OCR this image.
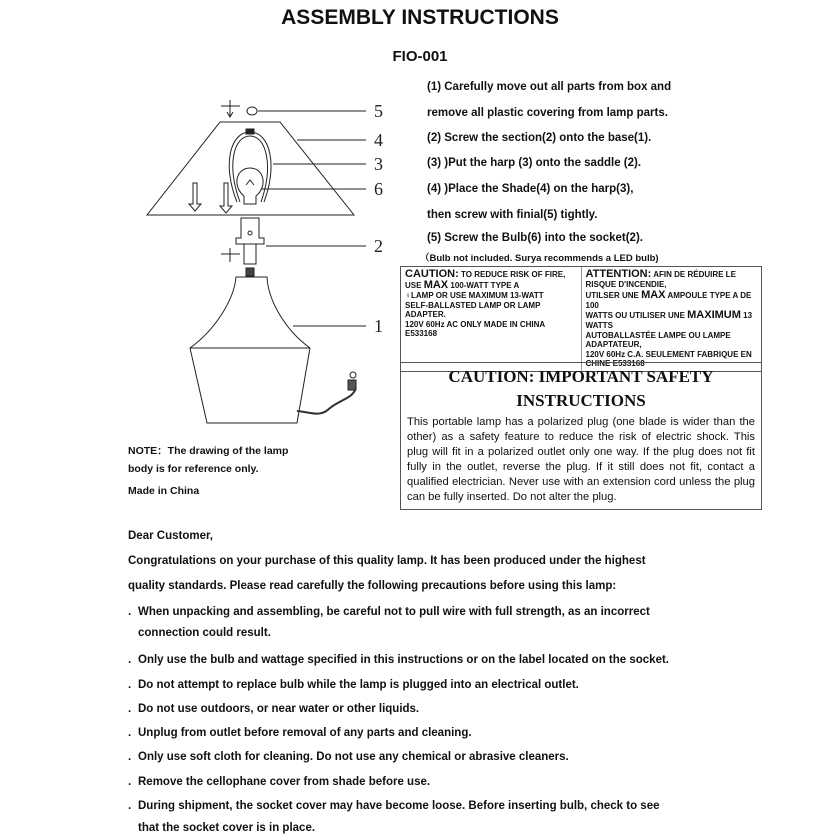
ASSEMBLY INSTRUCTIONS
FIO-001
5
4
3
6
2
1
(1) Carefully move out all parts from box and
remove all plastic covering from lamp parts.
(2) Screw the section(2) onto the base(1).
(3) )Put the harp (3) onto the saddle (2).
(4) )Place the Shade(4) on the harp(3),
then screw with finial(5) tightly.
(5) Screw the Bulb(6) into the socket(2).
（Bulb not included. Surya recommends a LED bulb)
CAUTION: TO REDUCE RISK OF FIRE,
USE MAX 100-WATT TYPE A
♀LAMP OR USE MAXIMUM 13-WATT
SELF-BALLASTED LAMP OR LAMP ADAPTER.
120V 60Hz AC ONLY MADE IN CHINA E533168
ATTENTION: AFIN DE RÉDUIRE LE RISQUE D'INCENDIE,
UTILSER UNE MAX AMPOULE TYPE A DE 100
WATTS OU UTILISER UNE MAXIMUM 13 WATTS
AUTOBALLASTÉE LAMPE OU LAMPE ADAPTATEUR,
120V 60Hz C.A. SEULEMENT FABRIQUE EN CHINE E533168
CAUTION: IMPORTANT SAFETY
INSTRUCTIONS
This portable lamp has a polarized plug (one blade is wider than the other) as a safety feature to reduce the risk of electric shock. This plug will fit in a polarized outlet only one way. If the plug does not fit fully in the outlet, reverse the plug. If it still does not fit, contact a qualified electrician. Never use with an extension cord unless the plug can be fully inserted. Do not alter the plug.
NOTE：The drawing of the lamp
body is for reference only.
Made in China
Dear Customer,
Congratulations on your purchase of this quality lamp. It has been produced under the highest
quality standards. Please read carefully the following precautions before using this lamp:
. When unpacking and assembling, be careful not to pull wire with full strength, as an incorrect
connection could result.
. Only use the bulb and wattage specified in this instructions or on the label located on the socket.
. Do not attempt to replace bulb while the lamp is plugged into an electrical outlet.
. Do not use outdoors, or near water or other liquids.
. Unplug from outlet before removal of any parts and cleaning.
. Only use soft cloth for cleaning. Do not use any chemical or abrasive cleaners.
. Remove the cellophane cover from shade before use.
. During shipment, the socket cover may have become loose. Before inserting bulb, check to see
that the socket cover is in place.
